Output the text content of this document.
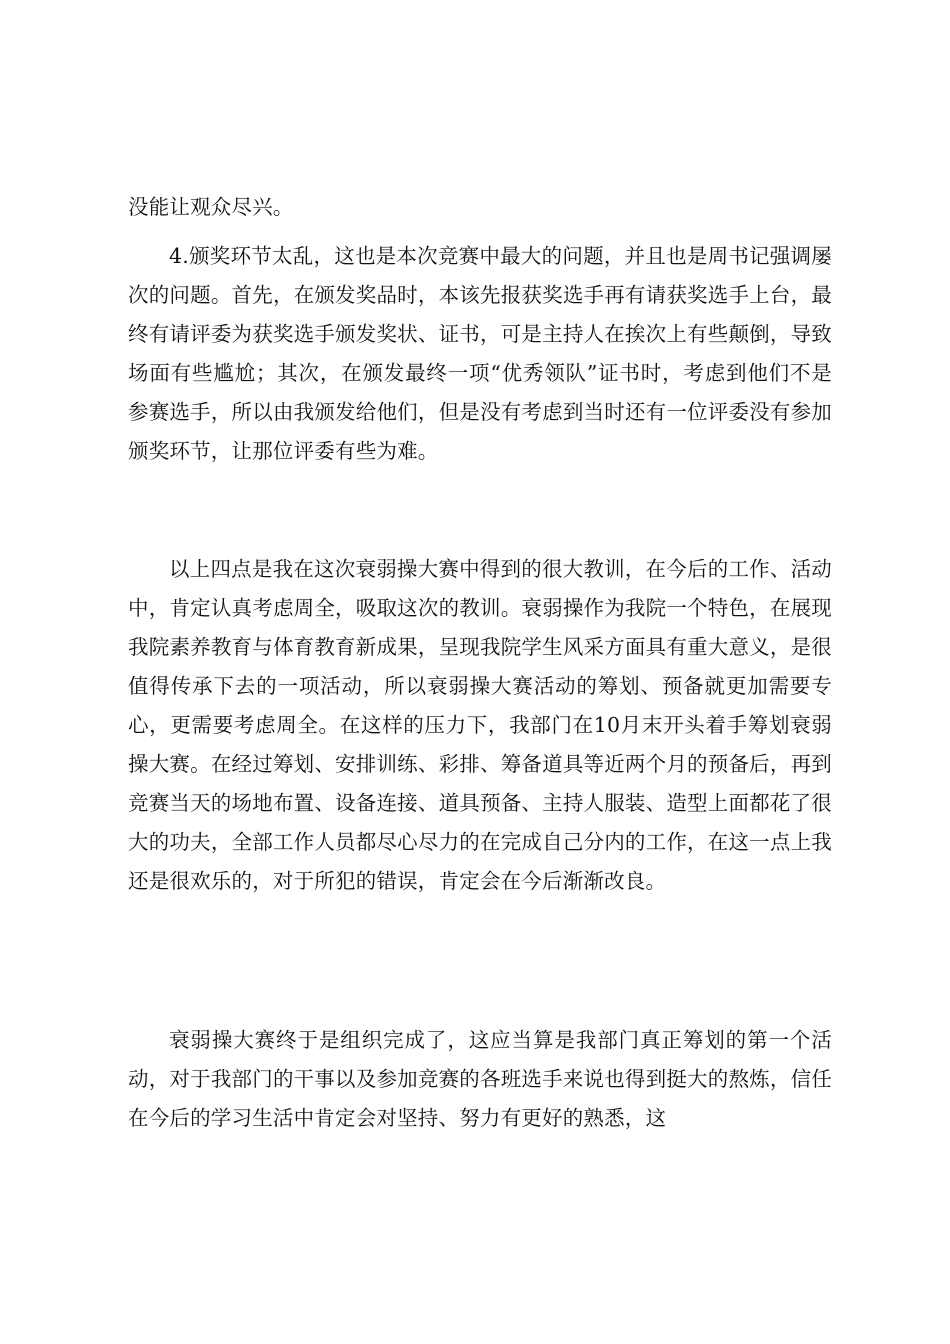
没能让观众尽兴。

4.颁奖环节太乱，这也是本次竞赛中最大的问题，并且也是周书记强调屡次的问题。首先，在颁发奖品时，本该先报获奖选手再有请获奖选手上台，最终有请评委为获奖选手颁发奖状、证书，可是主持人在挨次上有些颠倒，导致场面有些尴尬；其次，在颁发最终一项“优秀领队”证书时，考虑到他们不是参赛选手，所以由我颁发给他们，但是没有考虑到当时还有一位评委没有参加颁奖环节，让那位评委有些为难。

以上四点是我在这次衰弱操大赛中得到的很大教训，在今后的工作、活动中，肯定认真考虑周全，吸取这次的教训。衰弱操作为我院一个特色，在展现我院素养教育与体育教育新成果，呈现我院学生风采方面具有重大意义，是很值得传承下去的一项活动，所以衰弱操大赛活动的筹划、预备就更加需要专心，更需要考虑周全。在这样的压力下，我部门在10月末开头着手筹划衰弱操大赛。在经过筹划、安排训练、彩排、筹备道具等近两个月的预备后，再到竞赛当天的场地布置、设备连接、道具预备、主持人服装、造型上面都花了很大的功夫，全部工作人员都尽心尽力的在完成自己分内的工作，在这一点上我还是很欢乐的，对于所犯的错误，肯定会在今后渐渐改良。

衰弱操大赛终于是组织完成了，这应当算是我部门真正筹划的第一个活动，对于我部门的干事以及参加竞赛的各班选手来说也得到挺大的熬炼，信任在今后的学习生活中肯定会对坚持、努力有更好的熟悉，这
